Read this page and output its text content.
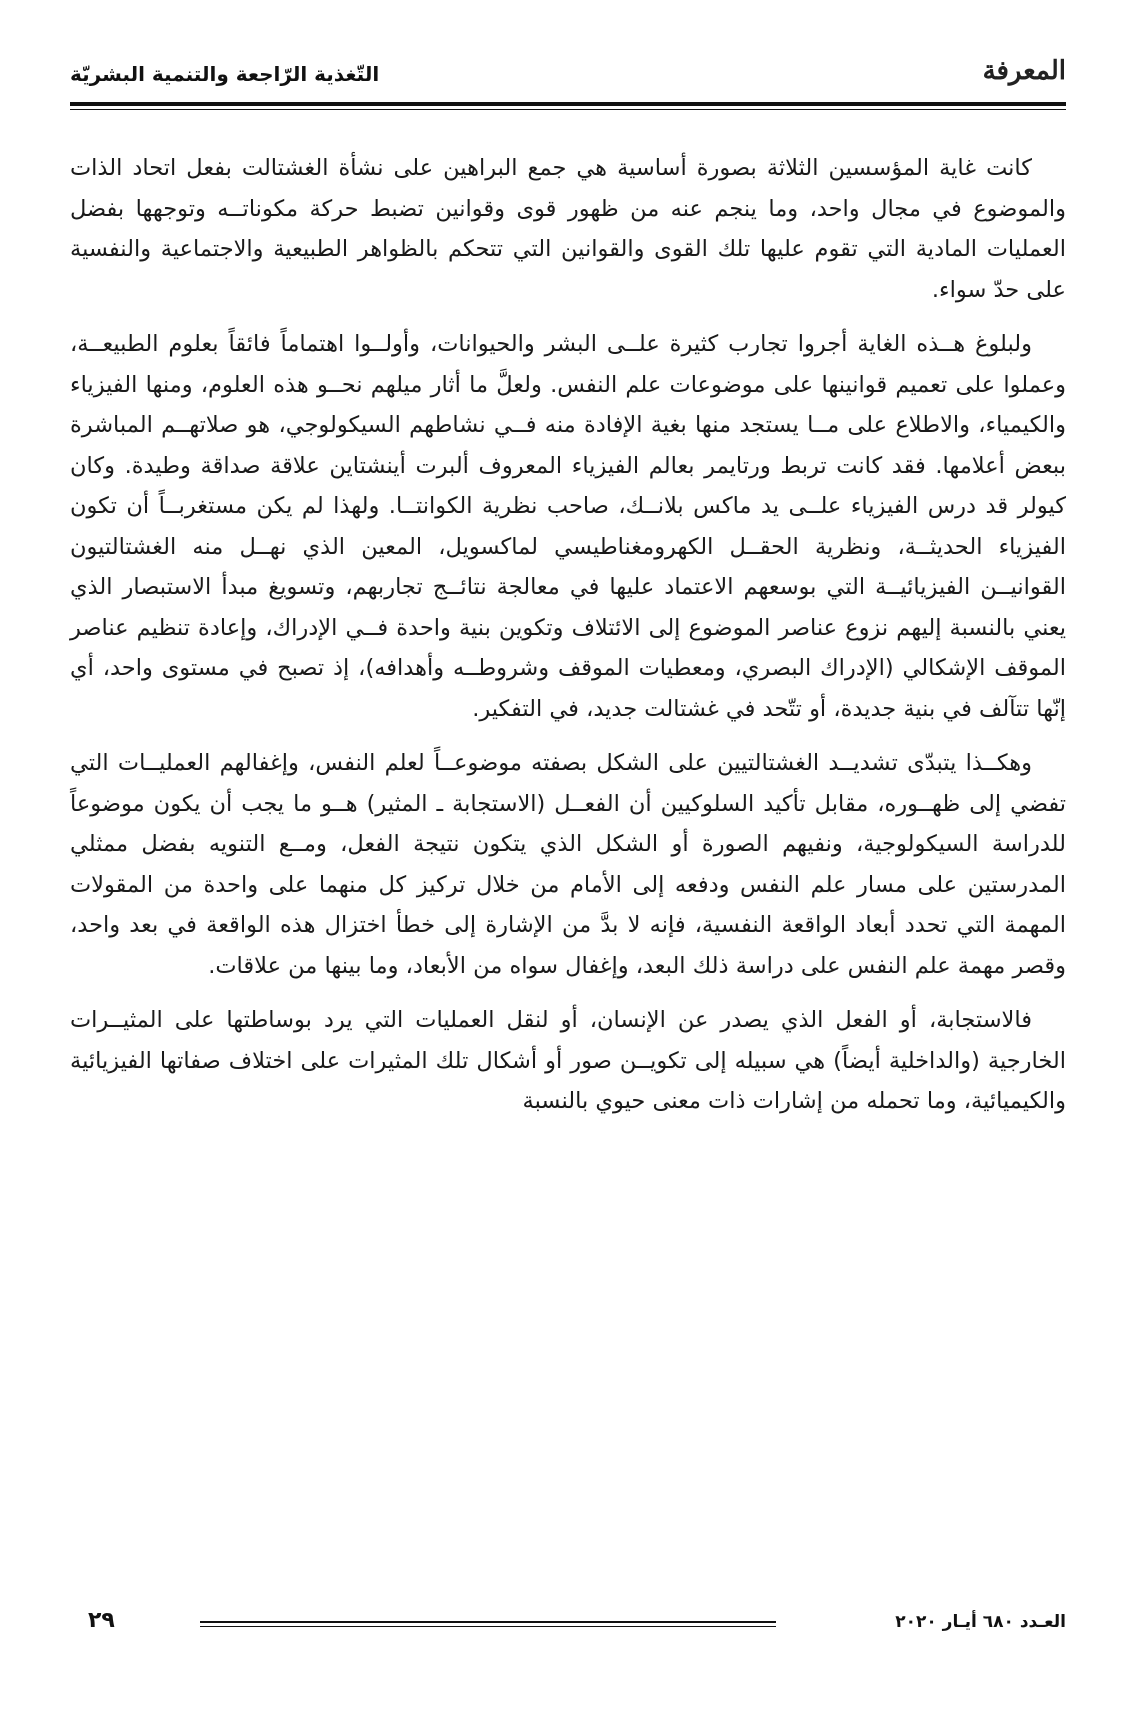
المعرفة
التّغذية الرّاجعة والتنمية البشريّة

كانت غاية المؤسسين الثلاثة بصورة أساسية هي جمع البراهين على نشأة الغشتالت بفعل اتحاد الذات والموضوع في مجال واحد، وما ينجم عنه من ظهور قوى وقوانين تضبط حركة مكوناتــه وتوجهها بفضل العمليات المادية التي تقوم عليها تلك القوى والقوانين التي تتحكم بالظواهر الطبيعية والاجتماعية والنفسية على حدّ سواء.

ولبلوغ هــذه الغاية أجروا تجارب كثيرة علــى البشر والحيوانات، وأولــوا اهتماماً فائقاً بعلوم الطبيعــة، وعملوا على تعميم قوانينها على موضوعات علم النفس. ولعلَّ ما أثار ميلهم نحــو هذه العلوم، ومنها الفيزياء والكيمياء، والاطلاع على مــا يستجد منها بغية الإفادة منه فــي نشاطهم السيكولوجي، هو صلاتهــم المباشرة ببعض أعلامها. فقد كانت تربط ورتايمر بعالم الفيزياء المعروف ألبرت أينشتاين علاقة صداقة وطيدة. وكان كيولر قد درس الفيزياء علــى يد ماكس بلانــك، صاحب نظرية الكوانتــا. ولهذا لم يكن مستغربــاً أن تكون الفيزياء الحديثــة، ونظرية الحقــل الكهرومغناطيسي لماكسويل، المعين الذي نهــل منه الغشتالتيون القوانيــن الفيزيائيــة التي بوسعهم الاعتماد عليها في معالجة نتائــج تجاربهم، وتسويغ مبدأ الاستبصار الذي يعني بالنسبة إليهم نزوع عناصر الموضوع إلى الائتلاف وتكوين بنية واحدة فــي الإدراك، وإعادة تنظيم عناصر الموقف الإشكالي (الإدراك البصري، ومعطيات الموقف وشروطــه وأهدافه)، إذ تصبح في مستوى واحد، أي إنّها تتآلف في بنية جديدة، أو تتّحد في غشتالت جديد، في التفكير.

وهكــذا يتبدّى تشديــد الغشتالتيين على الشكل بصفته موضوعــاً لعلم النفس، وإغفالهم العمليــات التي تفضي إلى ظهــوره، مقابل تأكيد السلوكيين أن الفعــل (الاستجابة ـ المثير) هــو ما يجب أن يكون موضوعاً للدراسة السيكولوجية، ونفيهم الصورة أو الشكل الذي يتكون نتيجة الفعل، ومــع التنويه بفضل ممثلي المدرستين على مسار علم النفس ودفعه إلى الأمام من خلال تركيز كل منهما على واحدة من المقولات المهمة التي تحدد أبعاد الواقعة النفسية، فإنه لا بدَّ من الإشارة إلى خطأ اختزال هذه الواقعة في بعد واحد، وقصر مهمة علم النفس على دراسة ذلك البعد، وإغفال سواه من الأبعاد، وما بينها من علاقات.

فالاستجابة، أو الفعل الذي يصدر عن الإنسان، أو لنقل العمليات التي يرد بوساطتها على المثيــرات الخارجية (والداخلية أيضاً) هي سبيله إلى تكويــن صور أو أشكال تلك المثيرات على اختلاف صفاتها الفيزيائية والكيميائية، وما تحمله من إشارات ذات معنى حيوي بالنسبة

العـدد ٦٨٠ أيـار ٢٠٢٠
٢٩
